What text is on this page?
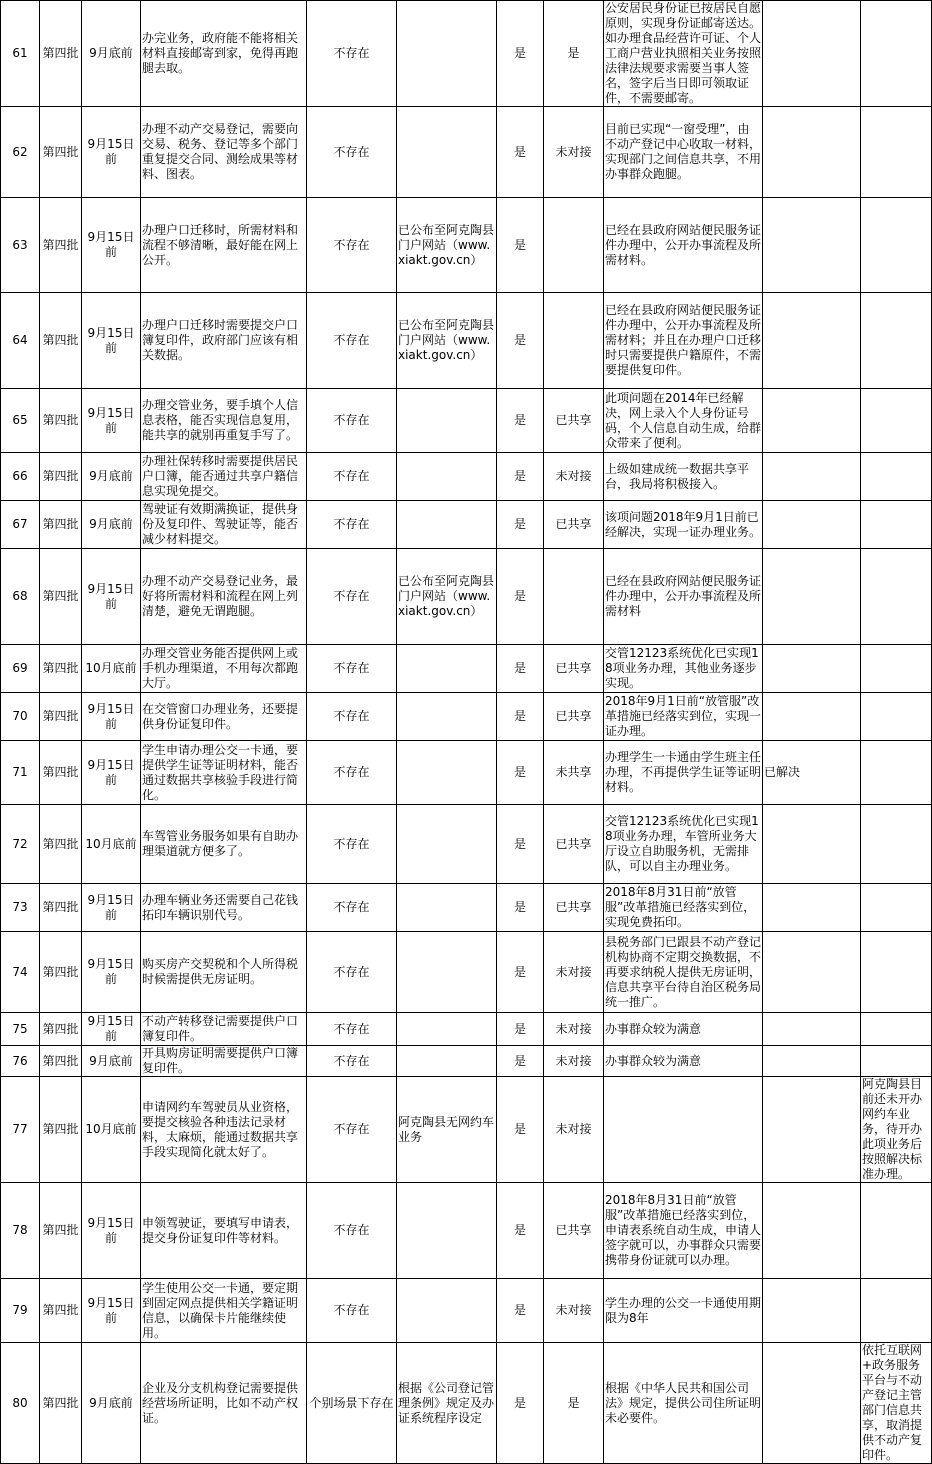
61	第四批	9月底前	办完业务，政府能不能将相关材料直接邮寄到家，免得再跑腿去取。	不存在		是	是	公安居民身份证已按居民自愿原则，实现身份证邮寄送达。如办理食品经营许可证、个人工商户营业执照相关业务按照法律法规要求需要当事人签名，签字后当日即可领取证件，不需要邮寄。		
62	第四批	9月15日前	办理不动产交易登记，需要向交易、税务、登记等多个部门重复提交合同、测绘成果等材料、图表。	不存在		是	未对接	目前已实现“一窗受理”，由不动产登记中心收取一材料，实现部门之间信息共享，不用办事群众跑腿。		
63	第四批	9月15日前	办理户口迁移时，所需材料和流程不够清晰，最好能在网上公开。	不存在	已公布至阿克陶县门户网站（www.xiakt.gov.cn）	是		已经在县政府网站便民服务证件办理中，公开办事流程及所需材料。		
64	第四批	9月15日前	办理户口迁移时需要提交户口簿复印件，政府部门应该有相关数据。	不存在	已公布至阿克陶县门户网站（www.xiakt.gov.cn）	是		已经在县政府网站便民服务证件办理中，公开办事流程及所需材料；并且在办理户口迁移时只需要提供户籍原件，不需要提供复印件。		
65	第四批	9月15日前	办理交管业务，要手填个人信息表格，能否实现信息复用，能共享的就别再重复手写了。	不存在		是	已共享	此项问题在2014年已经解决，网上录入个人身份证号码，个人信息自动生成，给群众带来了便利。		
66	第四批	9月底前	办理社保转移时需要提供居民户口簿，能否通过共享户籍信息实现免提交。	不存在		是	未对接	上级如建成统一数据共享平台，我局将积极接入。		
67	第四批	9月底前	驾驶证有效期满换证，提供身份及复印件、驾驶证等，能否减少材料提交。	不存在		是	已共享	该项问题2018年9月1日前已经解决，实现一证办理业务。		
68	第四批	9月15日前	办理不动产交易登记业务，最好将所需材料和流程在网上列清楚，避免无谓跑腿。	不存在	已公布至阿克陶县门户网站（www.xiakt.gov.cn）	是		已经在县政府网站便民服务证件办理中，公开办事流程及所需材料		
69	第四批	10月底前	办理交管业务能否提供网上或手机办理渠道，不用每次都跑大厅。	不存在		是	已共享	交管12123系统优化已实现18项业务办理，其他业务逐步实现。		
70	第四批	9月15日前	在交管窗口办理业务，还要提供身份证复印件。	不存在		是	已共享	2018年9月1日前“放管服”改革措施已经落实到位，实现一证办理。		
71	第四批	9月15日前	学生申请办理公交一卡通，要提供学生证等证明材料，能否通过数据共享核验手段进行简化。	不存在		是	未共享	办理学生一卡通由学生班主任办理，不再提供学生证等证明材料。	已解决	
72	第四批	10月底前	车驾管业务服务如果有自助办理渠道就方便多了。	不存在		是	已共享	交管12123系统优化已实现18项业务办理，车管所业务大厅设立自助服务机，无需排队，可以自主办理业务。		
73	第四批	9月15日前	办理车辆业务还需要自己花钱拓印车辆识别代号。	不存在		是	已共享	2018年8月31日前“放管服”改革措施已经落实到位，实现免费拓印。		
74	第四批	9月15日前	购买房产交契税和个人所得税时候需提供无房证明。	不存在		是	未对接	县税务部门已跟县不动产登记机构协商不定期交换数据，不再要求纳税人提供无房证明，信息共享平台待自治区税务局统一推广。		
75	第四批	9月15日前	不动产转移登记需要提供户口簿复印件。	不存在		是	未对接	办事群众较为满意		
76	第四批	9月底前	开具购房证明需要提供户口簿复印件。	不存在		是	未对接	办事群众较为满意		
77	第四批	10月底前	申请网约车驾驶员从业资格，要提交核验各种违法记录材料，太麻烦，能通过数据共享手段实现简化就太好了。	不存在	阿克陶县无网约车业务	是	未对接			阿克陶县目前还未开办网约车业务，待开办此项业务后按照解决标准办理。
78	第四批	9月15日前	申领驾驶证，要填写申请表，提交身份证复印件等材料。	不存在		是	已共享	2018年8月31日前“放管服”改革措施已经落实到位，申请表系统自动生成，申请人签字就可以，办事群众只需要携带身份证就可以办理。		
79	第四批	9月15日前	学生使用公交一卡通，要定期到固定网点提供相关学籍证明信息，以确保卡片能继续使用。	不存在		是	未对接	学生办理的公交一卡通使用期限为8年		
80	第四批	9月底前	企业及分支机构登记需要提供经营场所证明，比如不动产权证。	个别场景下存在	根据《公司登记管理条例》规定及办证系统程序设定	是	是	根据《中华人民共和国公司法》规定，提供公司住所证明未必要件。		依托互联网+政务服务平台与不动产登记主管部门信息共享，取消提供不动产复印件。
